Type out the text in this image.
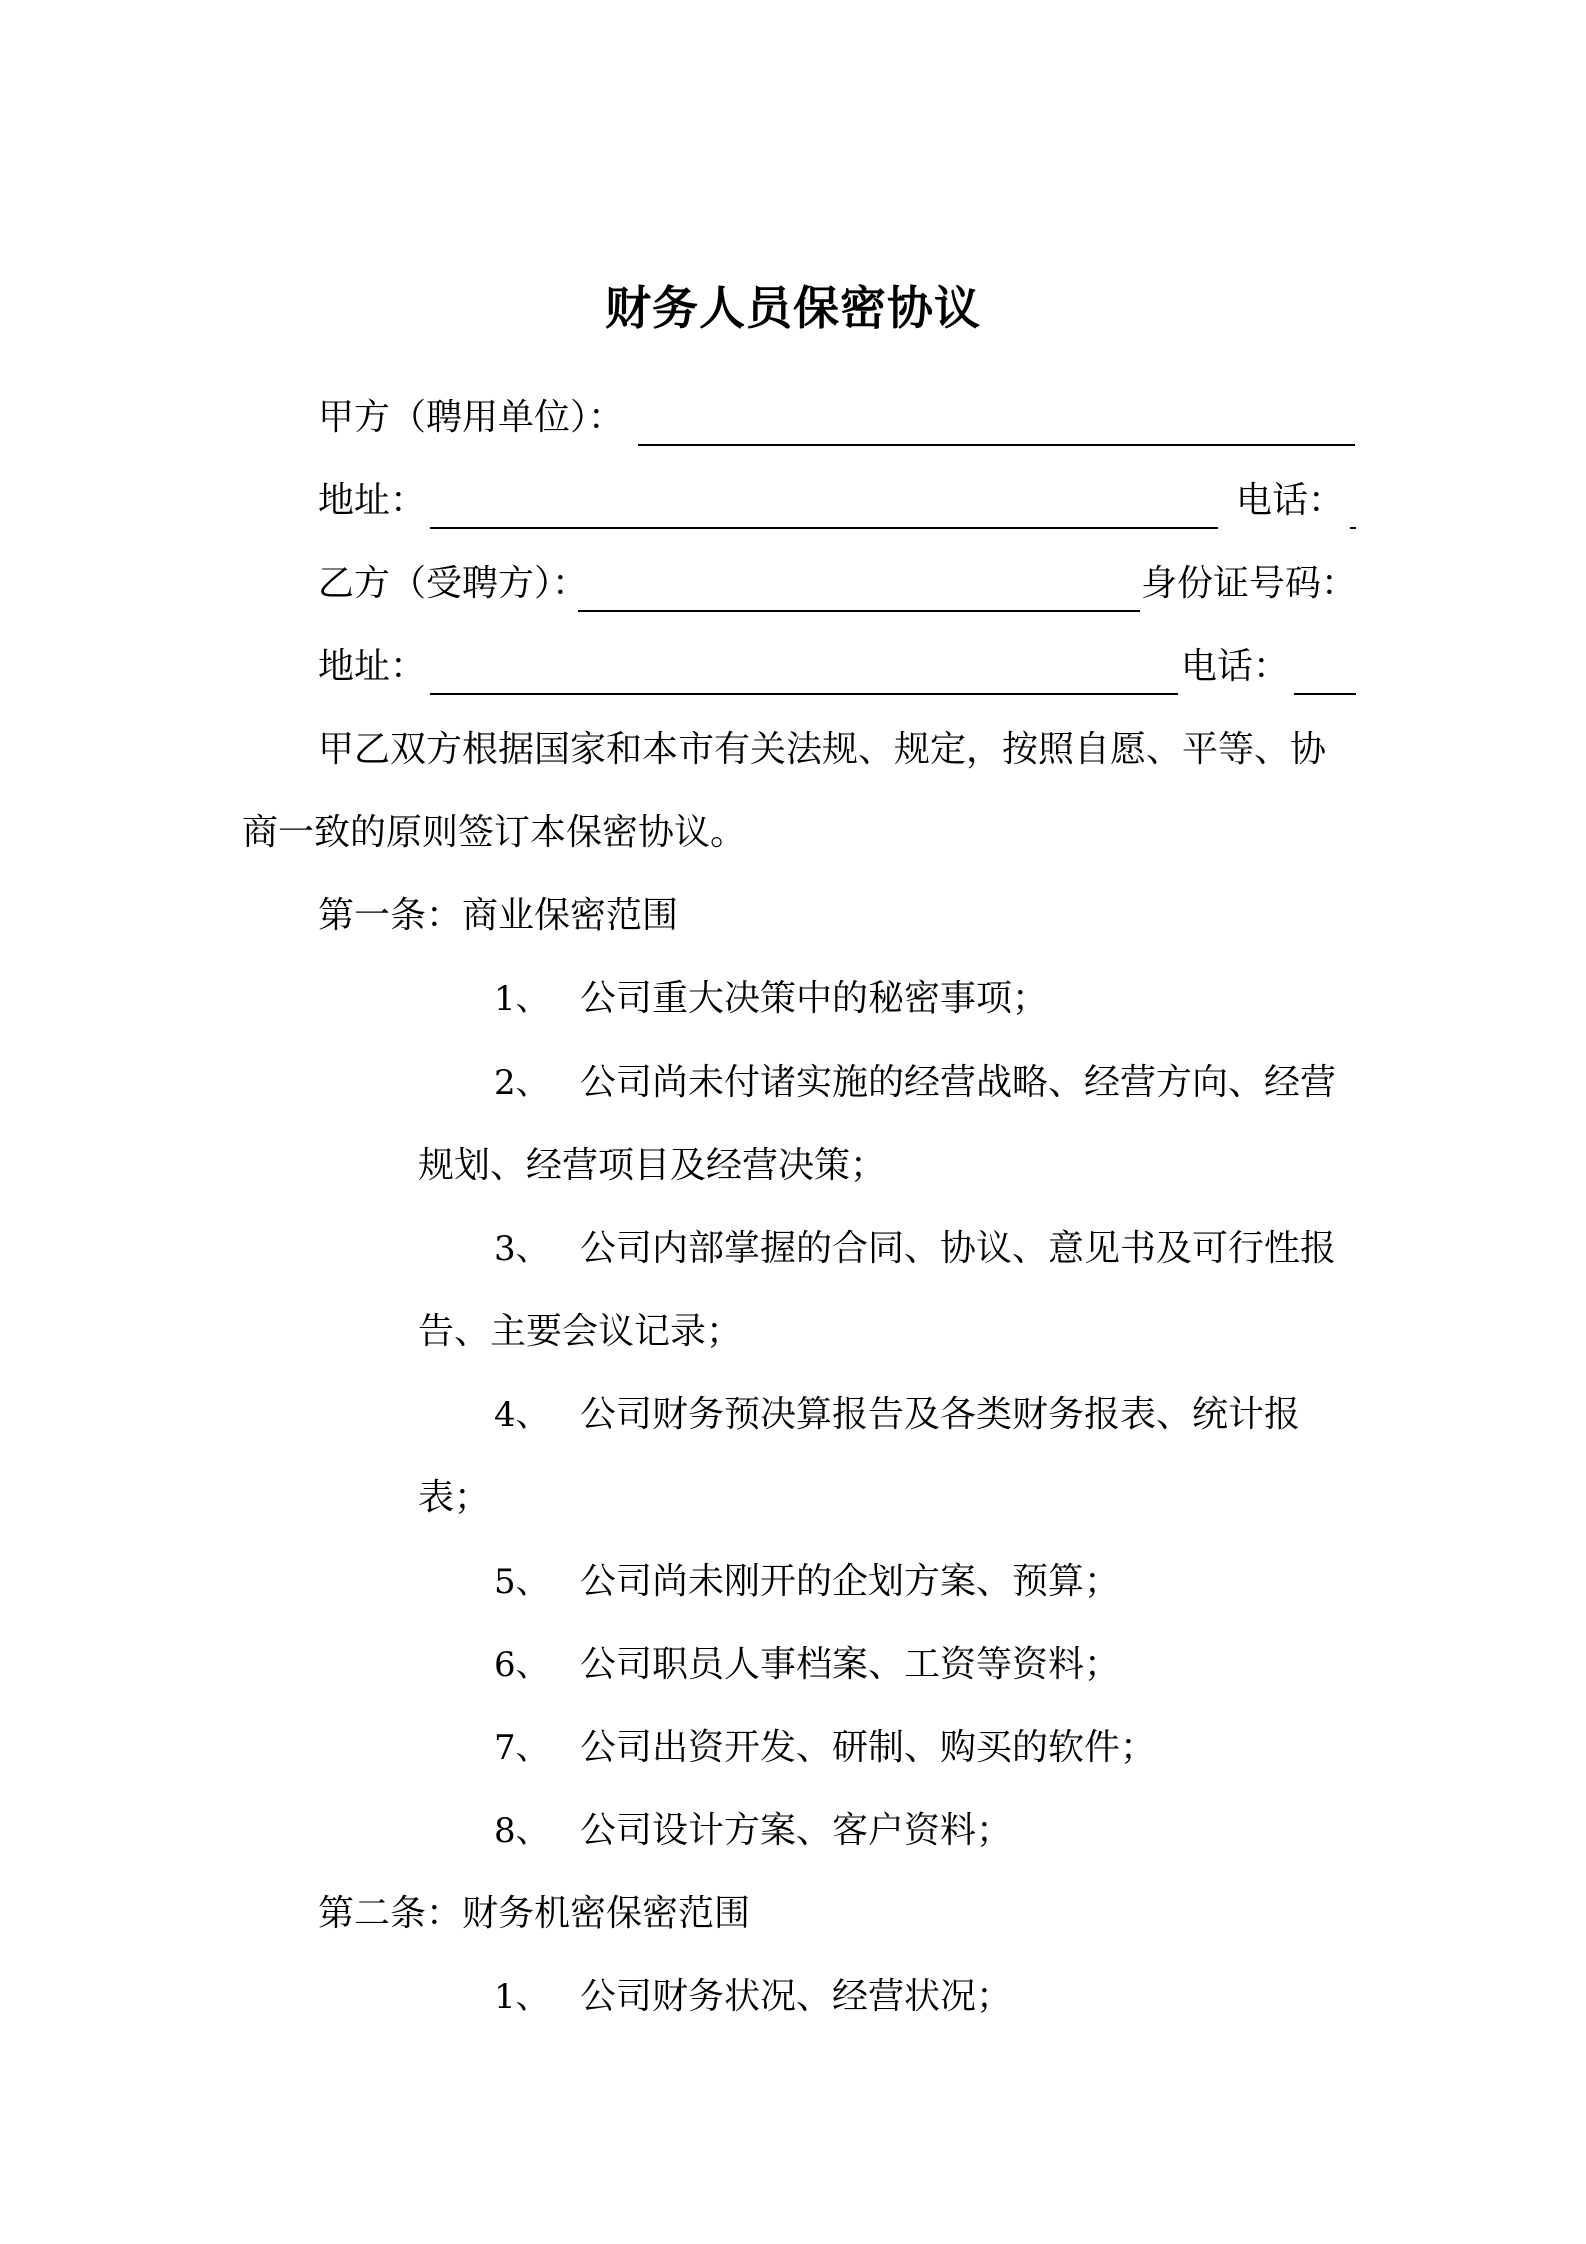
财务人员保密协议
甲方（聘用单位）：
地址：	电话：
乙方（受聘方）：	身份证号码：
地址：	电话：
甲乙双方根据国家和本市有关法规、规定，按照自愿、平等、协
商一致的原则签订本保密协议。
第一条：商业保密范围
1、 公司重大决策中的秘密事项；
2、 公司尚未付诸实施的经营战略、经营方向、经营
规划、经营项目及经营决策；
3、 公司内部掌握的合同、协议、意见书及可行性报
告、主要会议记录；
4、 公司财务预决算报告及各类财务报表、统计报
表；
5、 公司尚未刚开的企划方案、预算；
6、 公司职员人事档案、工资等资料；
7、 公司出资开发、研制、购买的软件；
8、 公司设计方案、客户资料；
第二条：财务机密保密范围
1、 公司财务状况、经营状况；
